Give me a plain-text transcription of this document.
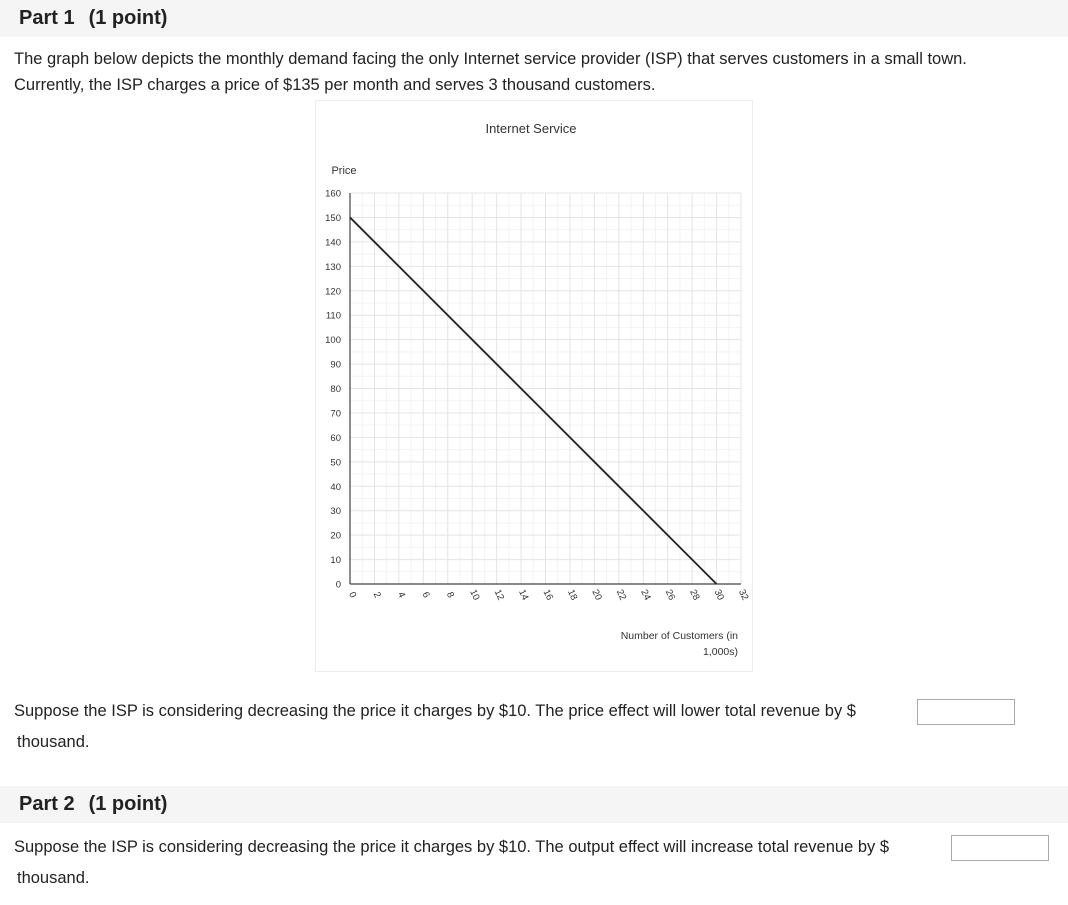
Part 1 (1 point)
The graph below depicts the monthly demand facing the only Internet service provider (ISP) that serves customers in a small town.
Currently, the ISP charges a price of $135 per month and serves 3 thousand customers.
Internet Service
Price
0
10
20
30
40
50
60
70
80
90
100
110
120
130
140
150
160
0 2 4 6 8 10 12 14 16 18 20 22 24 26 28 30 32
Number of Customers (in
1,000s)
Suppose the ISP is considering decreasing the price it charges by $10. The price effect will lower total revenue by $
thousand.
Part 2 (1 point)
Suppose the ISP is considering decreasing the price it charges by $10. The output effect will increase total revenue by $
thousand.
